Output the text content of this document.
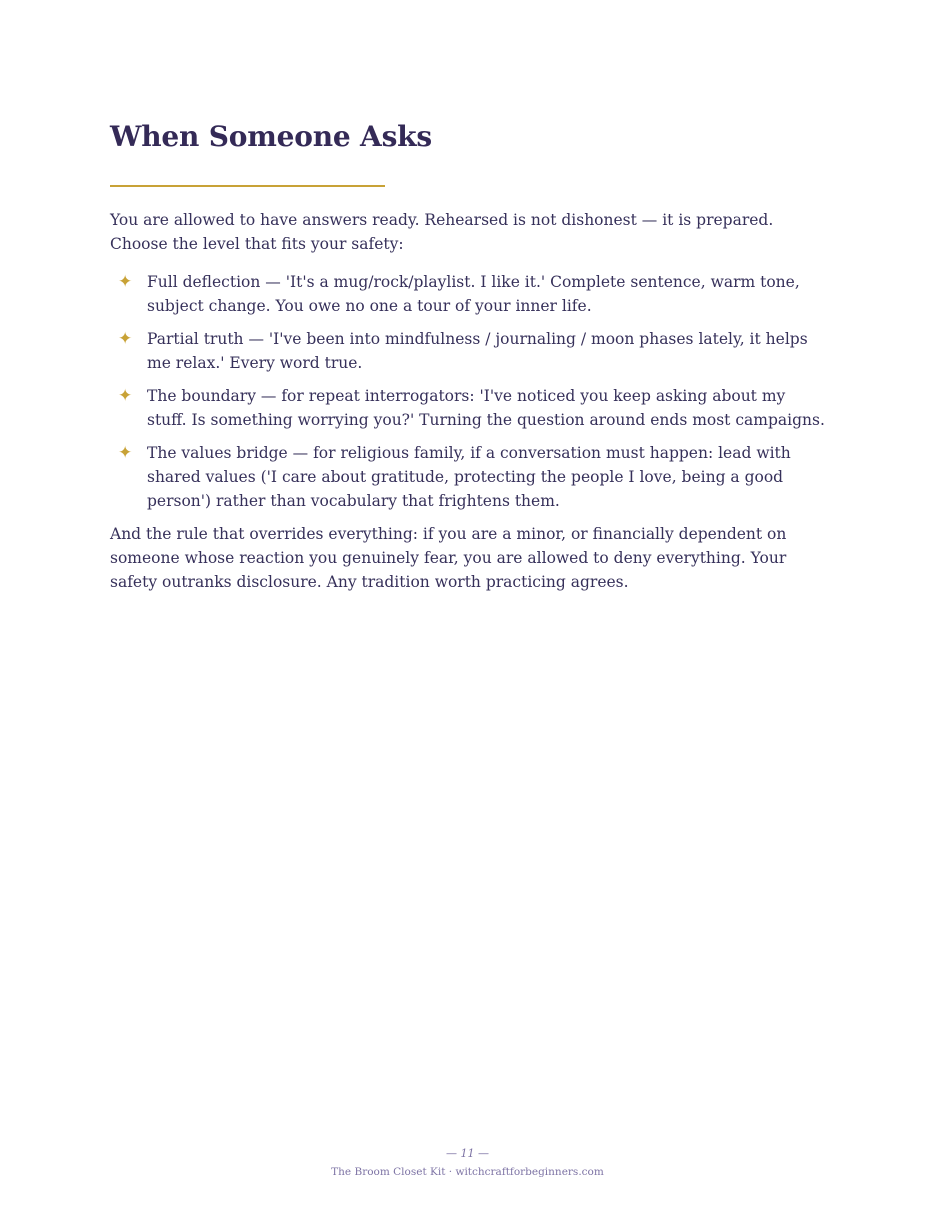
When Someone Asks

You are allowed to have answers ready. Rehearsed is not dishonest — it is prepared. Choose the level that fits your safety:

✦ Full deflection — 'It's a mug/rock/playlist. I like it.' Complete sentence, warm tone, subject change. You owe no one a tour of your inner life.
✦ Partial truth — 'I've been into mindfulness / journaling / moon phases lately, it helps me relax.' Every word true.
✦ The boundary — for repeat interrogators: 'I've noticed you keep asking about my stuff. Is something worrying you?' Turning the question around ends most campaigns.
✦ The values bridge — for religious family, if a conversation must happen: lead with shared values ('I care about gratitude, protecting the people I love, being a good person') rather than vocabulary that frightens them.

And the rule that overrides everything: if you are a minor, or financially dependent on someone whose reaction you genuinely fear, you are allowed to deny everything. Your safety outranks disclosure. Any tradition worth practicing agrees.

— 11 —
The Broom Closet Kit · witchcraftforbeginners.com
